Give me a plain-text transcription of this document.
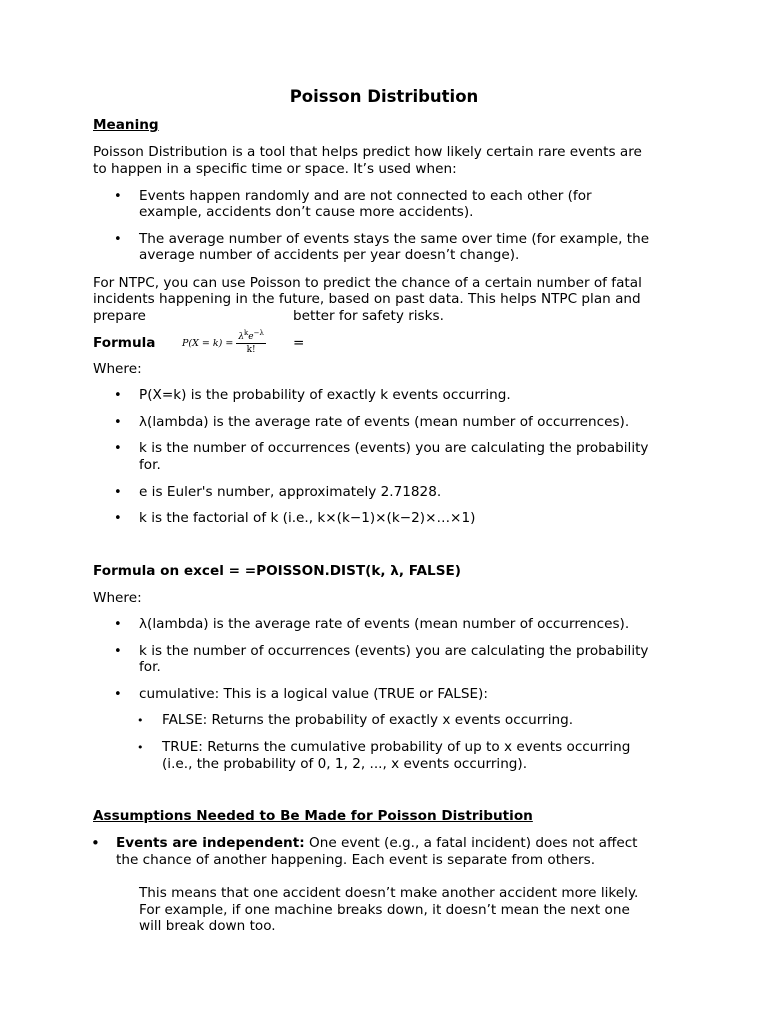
Poisson Distribution
Meaning
Poisson Distribution is a tool that helps predict how likely certain rare events are
to happen in a specific time or space. It’s used when:
• Events happen randomly and are not connected to each other (for
example, accidents don’t cause more accidents).
• The average number of events stays the same over time (for example, the
average number of accidents per year doesn’t change).
For NTPC, you can use Poisson to predict the chance of a certain number of fatal
incidents happening in the future, based on past data. This helps NTPC plan and
prepare	better for safety risks.
Formula	$P(X = k) = \frac{\lambda^ke^{-\lambda}}{k!}$ =
Where:
• P(X=k) is the probability of exactly k events occurring.
• λ(lambda) is the average rate of events (mean number of occurrences).
• k is the number of occurrences (events) you are calculating the probability
for.
• e is Euler's number, approximately 2.71828.
• k is the factorial of k (i.e., k×(k−1)×(k−2)×…×1)
Formula on excel = =POISSON.DIST(k, λ, FALSE)
Where:
• λ(lambda) is the average rate of events (mean number of occurrences).
• k is the number of occurrences (events) you are calculating the probability
for.
• cumulative: This is a logical value (TRUE or FALSE):
• FALSE: Returns the probability of exactly x events occurring.
• TRUE: Returns the cumulative probability of up to x events occurring
(i.e., the probability of 0, 1, 2, ..., x events occurring).
Assumptions Needed to Be Made for Poisson Distribution
• Events are independent: One event (e.g., a fatal incident) does not affect
the chance of another happening. Each event is separate from others.
This means that one accident doesn’t make another accident more likely.
For example, if one machine breaks down, it doesn’t mean the next one
will break down too.
